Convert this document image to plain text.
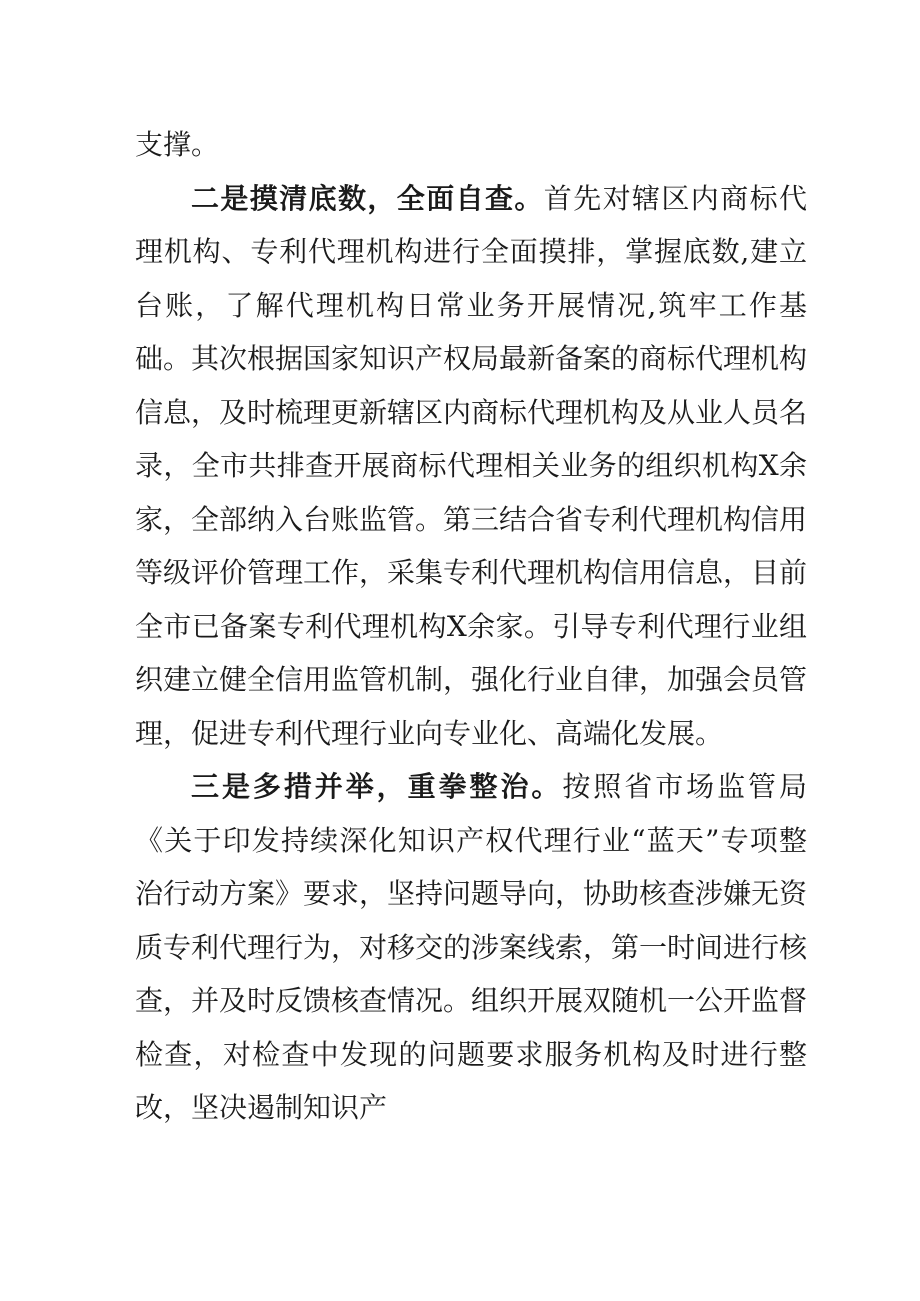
支撑。

二是摸清底数，全面自查。首先对辖区内商标代理机构、专利代理机构进行全面摸排，掌握底数,建立台账，了解代理机构日常业务开展情况,筑牢工作基础。其次根据国家知识产权局最新备案的商标代理机构信息，及时梳理更新辖区内商标代理机构及从业人员名录，全市共排查开展商标代理相关业务的组织机构X余家，全部纳入台账监管。第三结合省专利代理机构信用等级评价管理工作，采集专利代理机构信用信息，目前全市已备案专利代理机构X余家。引导专利代理行业组织建立健全信用监管机制，强化行业自律，加强会员管理，促进专利代理行业向专业化、高端化发展。

三是多措并举，重拳整治。按照省市场监管局《关于印发持续深化知识产权代理行业“蓝天”专项整治行动方案》要求，坚持问题导向，协助核查涉嫌无资质专利代理行为，对移交的涉案线索，第一时间进行核查，并及时反馈核查情况。组织开展双随机一公开监督检查，对检查中发现的问题要求服务机构及时进行整改，坚决遏制知识产
